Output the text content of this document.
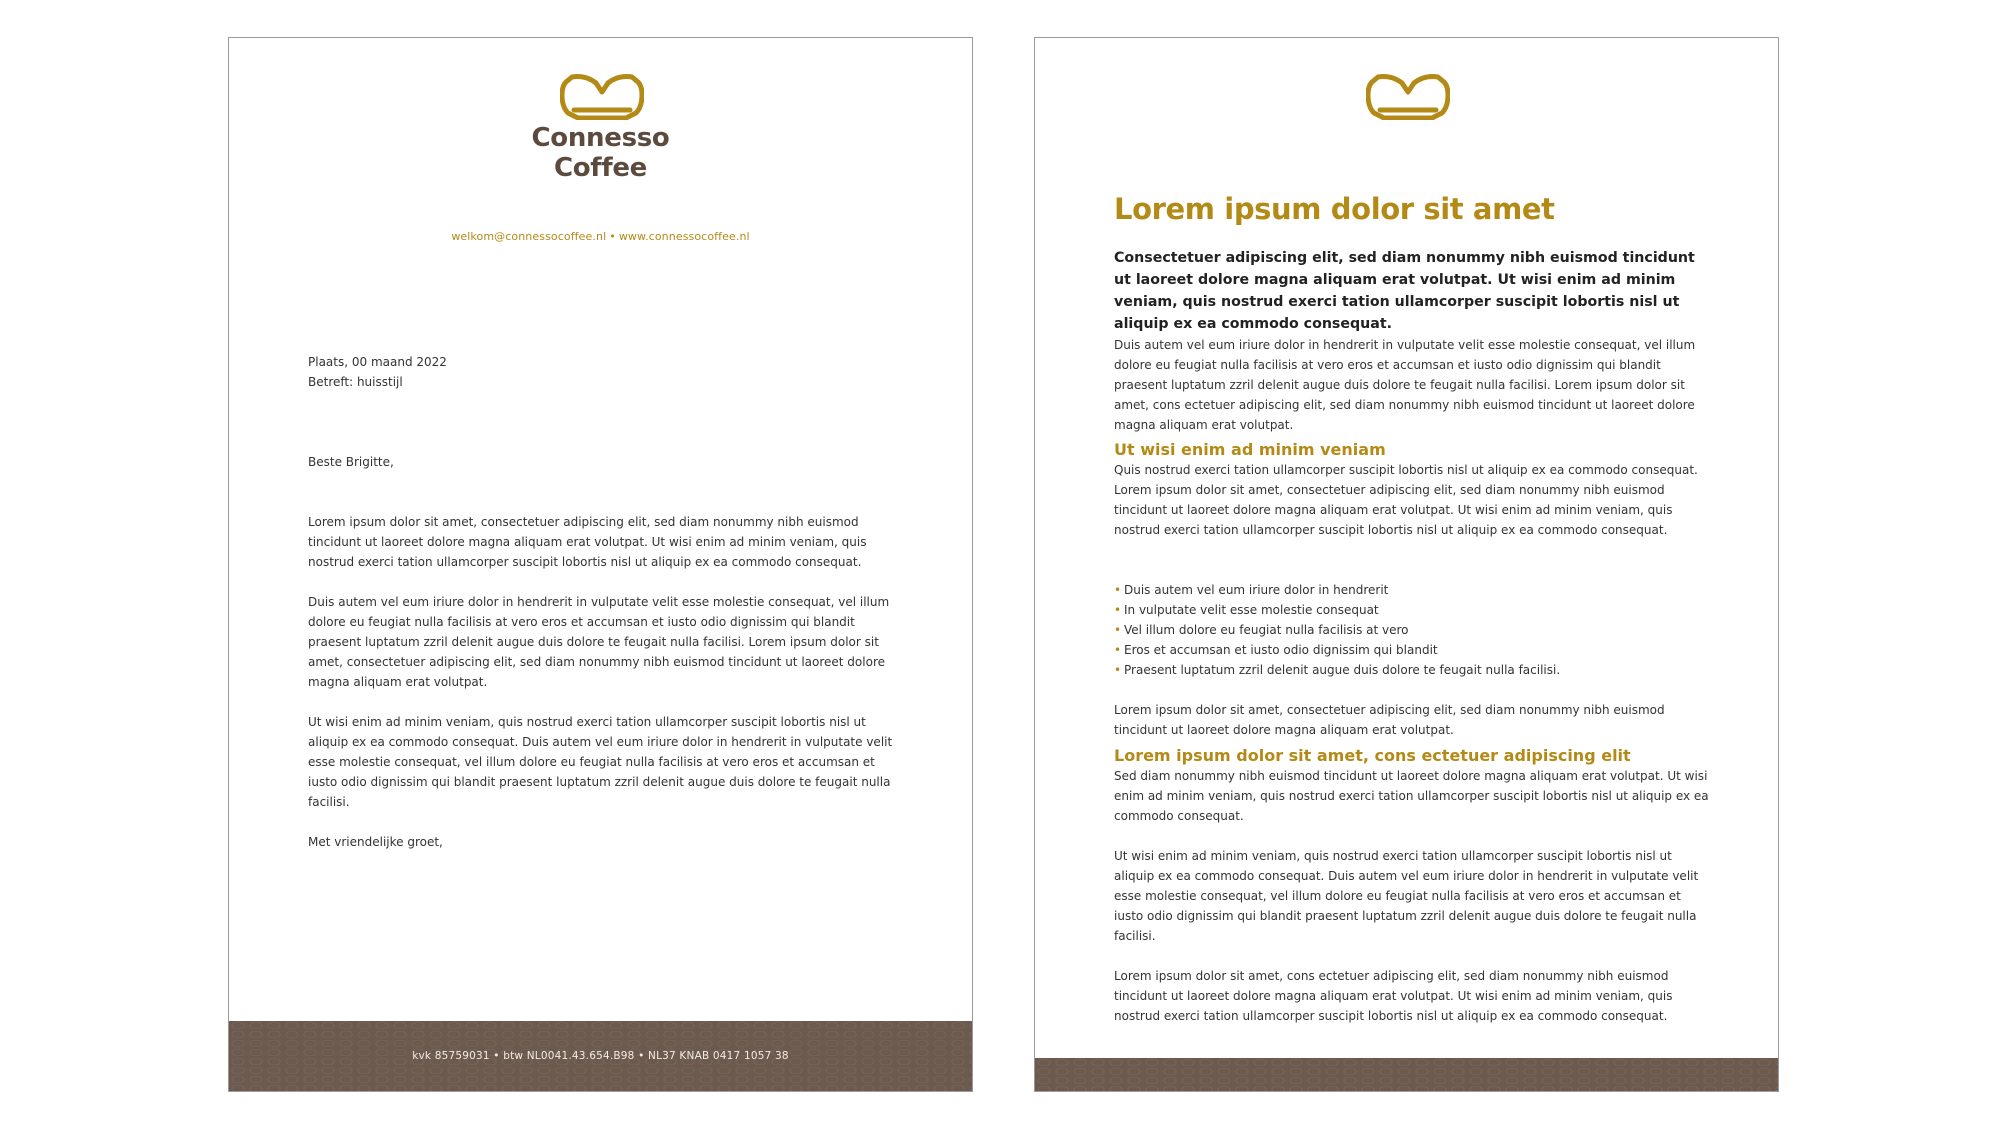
Connesso
Coffee
welkom@connessocoffee.nl • www.connessocoffee.nl
Plaats, 00 maand 2022
Betreft: huisstijl
Beste Brigitte,

Lorem ipsum dolor sit amet, consectetuer adipiscing elit, sed diam nonummy nibh euismod tincidunt ut laoreet dolore magna aliquam erat volutpat. Ut wisi enim ad minim veniam, quis nostrud exerci tation ullamcorper suscipit lobortis nisl ut aliquip ex ea commodo consequat.

Duis autem vel eum iriure dolor in hendrerit in vulputate velit esse molestie consequat, vel illum dolore eu feugiat nulla facilisis at vero eros et accumsan et iusto odio dignissim qui blandit praesent luptatum zzril delenit augue duis dolore te feugait nulla facilisi. Lorem ipsum dolor sit amet, consectetuer adipiscing elit, sed diam nonummy nibh euismod tincidunt ut laoreet dolore magna aliquam erat volutpat.

Ut wisi enim ad minim veniam, quis nostrud exerci tation ullamcorper suscipit lobortis nisl ut aliquip ex ea commodo consequat. Duis autem vel eum iriure dolor in hendrerit in vulputate velit esse molestie consequat, vel illum dolore eu feugiat nulla facilisis at vero eros et accumsan et iusto odio dignissim qui blandit praesent luptatum zzril delenit augue duis dolore te feugait nulla facilisi.

Met vriendelijke groet,
kvk 85759031 • btw NL0041.43.654.B98 • NL37 KNAB 0417 1057 38
Lorem ipsum dolor sit amet

Consectetuer adipiscing elit, sed diam nonummy nibh euismod tincidunt ut laoreet dolore magna aliquam erat volutpat. Ut wisi enim ad minim veniam, quis nostrud exerci tation ullamcorper suscipit lobortis nisl ut aliquip ex ea commodo consequat.

Duis autem vel eum iriure dolor in hendrerit in vulputate velit esse molestie consequat, vel illum dolore eu feugiat nulla facilisis at vero eros et accumsan et iusto odio dignissim qui blandit praesent luptatum zzril delenit augue duis dolore te feugait nulla facilisi. Lorem ipsum dolor sit amet, cons ectetuer adipiscing elit, sed diam nonummy nibh euismod tincidunt ut laoreet dolore magna aliquam erat volutpat.
Ut wisi enim ad minim veniam
Quis nostrud exerci tation ullamcorper suscipit lobortis nisl ut aliquip ex ea commodo consequat. Lorem ipsum dolor sit amet, consectetuer adipiscing elit, sed diam nonummy nibh euismod tincidunt ut laoreet dolore magna aliquam erat volutpat. Ut wisi enim ad minim veniam, quis nostrud exerci tation ullamcorper suscipit lobortis nisl ut aliquip ex ea commodo consequat.
• Duis autem vel eum iriure dolor in hendrerit
• In vulputate velit esse molestie consequat
• Vel illum dolore eu feugiat nulla facilisis at vero
• Eros et accumsan et iusto odio dignissim qui blandit
• Praesent luptatum zzril delenit augue duis dolore te feugait nulla facilisi.
Lorem ipsum dolor sit amet, consectetuer adipiscing elit, sed diam nonummy nibh euismod tincidunt ut laoreet dolore magna aliquam erat volutpat.
Lorem ipsum dolor sit amet, cons ectetuer adipiscing elit

Sed diam nonummy nibh euismod tincidunt ut laoreet dolore magna aliquam erat volutpat. Ut wisi enim ad minim veniam, quis nostrud exerci tation ullamcorper suscipit lobortis nisl ut aliquip ex ea commodo consequat.

Ut wisi enim ad minim veniam, quis nostrud exerci tation ullamcorper suscipit lobortis nisl ut aliquip ex ea commodo consequat. Duis autem vel eum iriure dolor in hendrerit in vulputate velit esse molestie consequat, vel illum dolore eu feugiat nulla facilisis at vero eros et accumsan et iusto odio dignissim qui blandit praesent luptatum zzril delenit augue duis dolore te feugait nulla facilisi.

Lorem ipsum dolor sit amet, cons ectetuer adipiscing elit, sed diam nonummy nibh euismod tincidunt ut laoreet dolore magna aliquam erat volutpat. Ut wisi enim ad minim veniam, quis nostrud exerci tation ullamcorper suscipit lobortis nisl ut aliquip ex ea commodo consequat.
